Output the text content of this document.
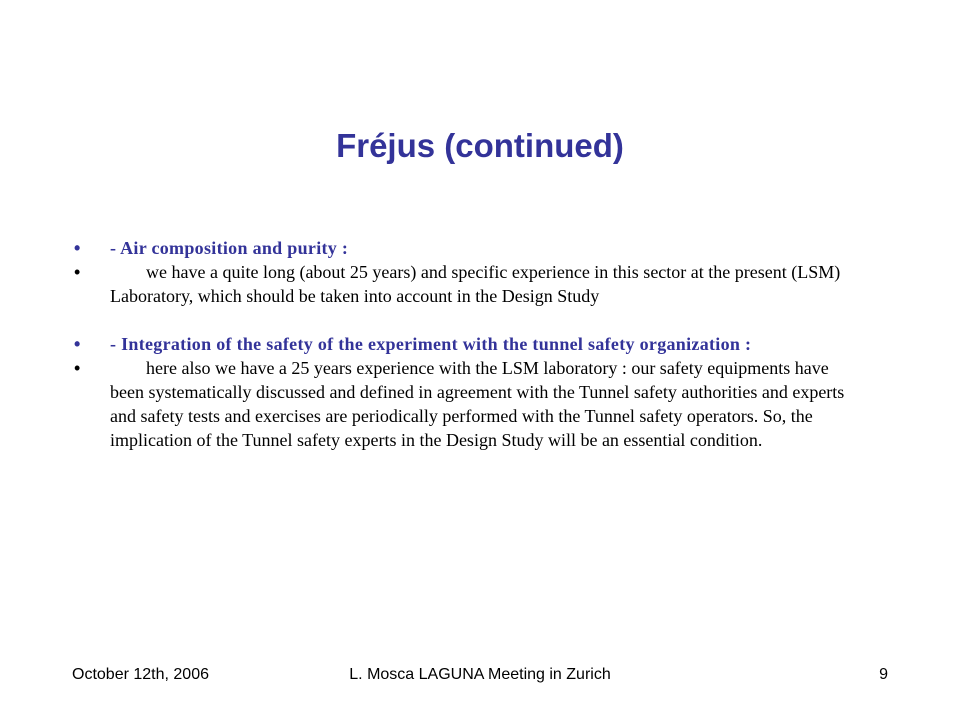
Fréjus (continued)
• - Air composition and purity :
•	we have a quite long (about 25 years) and specific experience in this sector at the present (LSM) Laboratory, which should be taken into account in the Design Study
• - Integration of the safety of the experiment with the tunnel safety organization :
•	here also we have a 25 years experience with the LSM laboratory : our safety equipments have been systematically discussed and defined in agreement with the Tunnel safety authorities and experts and safety tests and exercises are periodically performed with the Tunnel safety operators. So, the implication of the Tunnel safety experts in the Design Study will be an essential condition.
October 12th, 2006	L. Mosca LAGUNA Meeting in Zurich	9
